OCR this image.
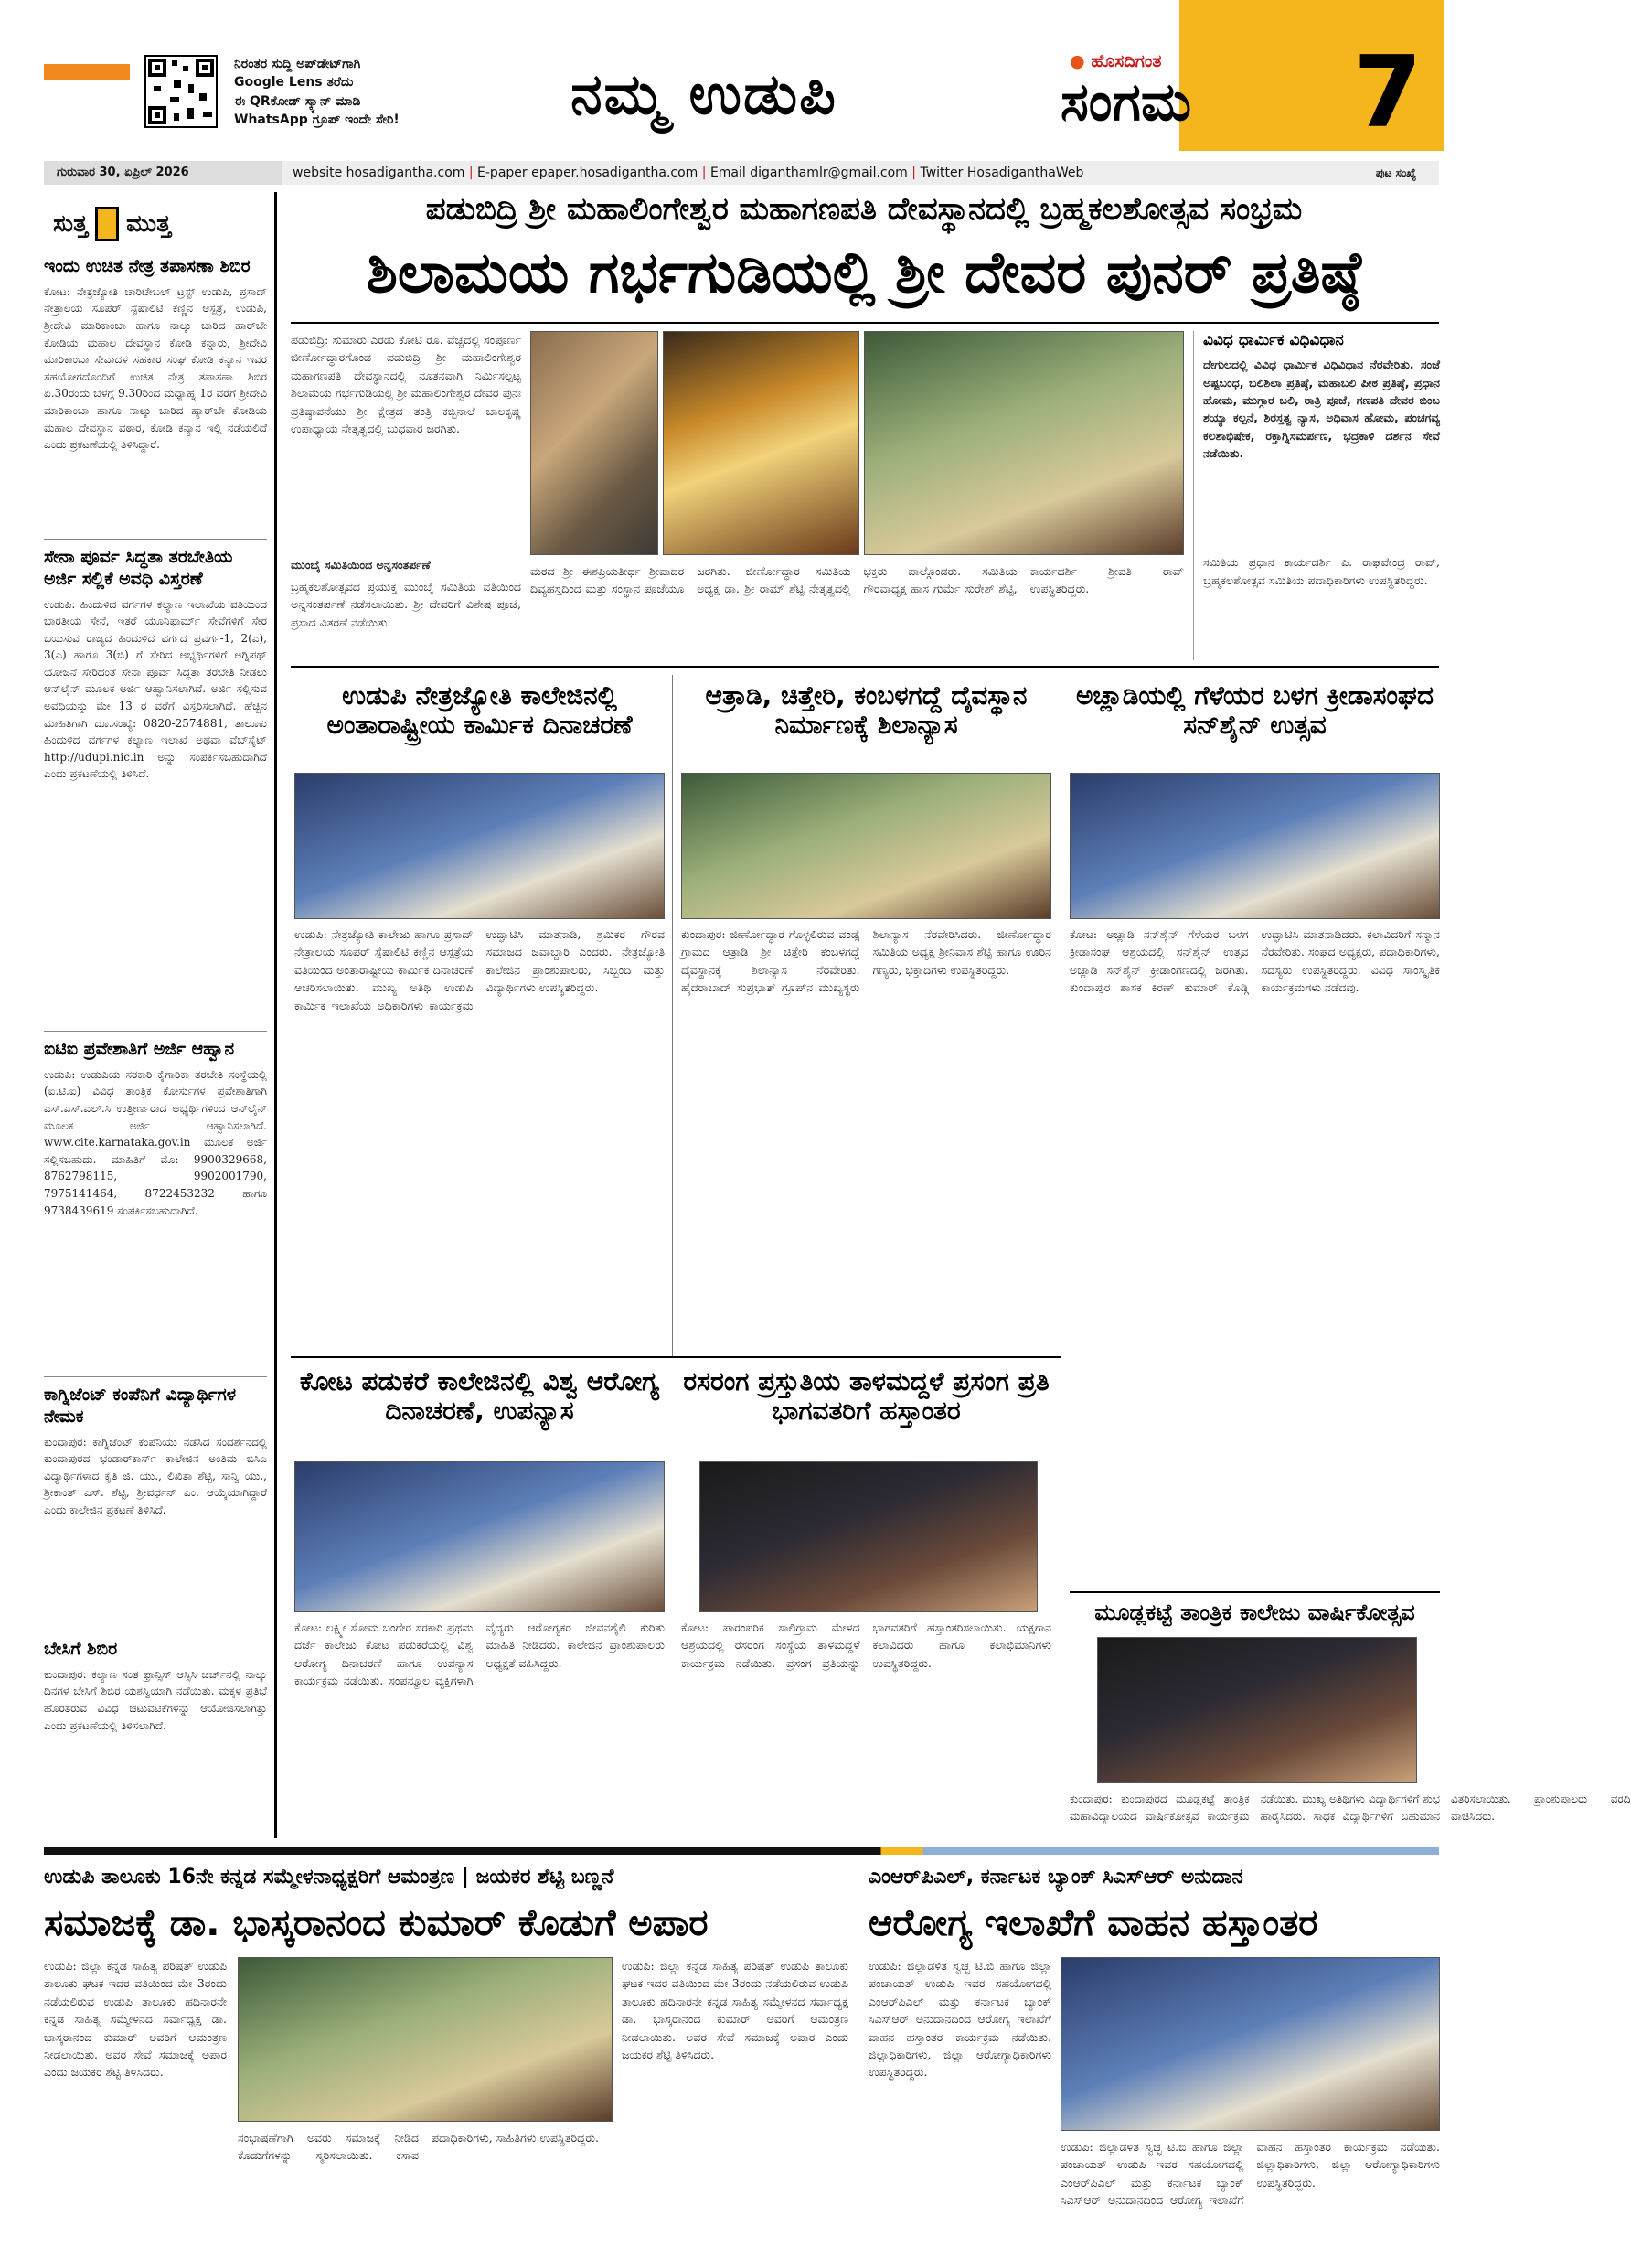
ನಿರಂತರ ಸುದ್ದಿ ಅಪ್‌ಡೇಟ್‌ಗಾಗಿ
Google Lens ತರೆದು
ಈ QRಕೋಡ್ ಸ್ಕ್ಯಾನ್ ಮಾಡಿ
WhatsApp ಗ್ರೂಪ್ ಇಂದೇ ಸೇರಿ!	ನಮ್ಮ ಉಡುಪಿ	● ಹೊಸದಿಗಂತ
ಸಂಗಮ	7
ಗುರುವಾರ 30, ಏಪ್ರಿಲ್ 2026	website hosadigantha.com | E-paper epaper.hosadigantha.com | Email diganthamlr@gmail.com | Twitter HosadiganthaWeb	ಪುಟ ಸಂಖ್ಯೆ
ಸುತ್ತ ಮುತ್ತ
ಇಂದು ಉಚಿತ ನೇತ್ರ ತಪಾಸಣಾ ಶಿಬಿರ
ಕೋಟ: ನೇತ್ರಜ್ಯೋತಿ ಚಾರಿಟೇಬಲ್ ಟ್ರಸ್ಟ್ ಉಡುಪಿ, ಪ್ರಸಾದ್ ನೇತ್ರಾಲಯ ಸೂಪರ್ ಸ್ಪೆಷಾಲಿಟಿ ಕಣ್ಣಿನ ಆಸ್ಪತ್ರೆ, ಉಡುಪಿ, ಶ್ರೀದೇವಿ ಮಾರಿಕಾಂಬಾ ಹಾಗೂ ನಾಲ್ಕು ಬಾರಿದ ಹಾರ್‌ಬೇ ಕೋಡಿಯ ಮಹಾಲ ದೇವಸ್ಥಾನ ಕೋಡಿ ಕನ್ನಾರು, ಶ್ರೀದೇವಿ ಮಾರಿಕಾಂಬಾ ಸೇವಾದಳ ಸಹಕಾರ ಸಂಘ ಕೋಡಿ ಕನ್ಯಾನ ಇವರ ಸಹಯೋಗದೊಂದಿಗೆ ಉಚಿತ ನೇತ್ರ ತಪಾಸಣಾ ಶಿಬಿರ ಏ.30ರಂದು ಬೆಳಗ್ಗೆ 9.30ರಿಂದ ಮಧ್ಯಾಹ್ನ 1ರ ವರೆಗೆ ಶ್ರೀದೇವಿ ಮಾರಿಕಾಂಬಾ ಹಾಗೂ ನಾಲ್ಕು ಬಾರಿದ ಹ್ಯಾರ್‌ಬೇ ಕೋಡಿಯ ಮಹಾಲ ದೇವಸ್ಥಾನ ವಠಾರ, ಕೋಡಿ ಕನ್ಯಾನ ಇಲ್ಲಿ ನಡೆಯಲಿದೆ ಎಂದು ಪ್ರಕಟಣೆಯಲ್ಲಿ ತಿಳಿಸಿದ್ದಾರೆ.
ಸೇನಾ ಪೂರ್ವ ಸಿದ್ಧತಾ ತರಬೇತಿಯ ಅರ್ಜಿ ಸಲ್ಲಿಕೆ ಅವಧಿ ವಿಸ್ತರಣೆ
ಉಡುಪಿ: ಹಿಂದುಳಿದ ವರ್ಗಗಳ ಕಲ್ಯಾಣ ಇಲಾಖೆಯ ವತಿಯಿಂದ ಭಾರತೀಯ ಸೇನೆ, ಇತರೆ ಯೂನಿಫಾರ್ಮ್ ಸೇವೆಗಳಿಗೆ ಸೇರ ಬಯಸುವ ರಾಜ್ಯದ ಹಿಂದುಳಿದ ವರ್ಗದ ಪ್ರವರ್ಗ-1, 2(ಎ), 3(ಎ) ಹಾಗೂ 3(ಬಿ) ಗೆ ಸೇರಿದ ಅಭ್ಯರ್ಥಿಗಳಿಗೆ ಅಗ್ನಿಪಥ್ ಯೋಜನೆ ಸೇರಿದಂತೆ ಸೇನಾ ಪೂರ್ವ ಸಿದ್ಧತಾ ತರಬೇತಿ ನೀಡಲು ಆನ್‌ಲೈನ್ ಮೂಲಕ ಅರ್ಜಿ ಆಹ್ವಾನಿಸಲಾಗಿದೆ. ಅರ್ಜಿ ಸಲ್ಲಿಸುವ ಅವಧಿಯನ್ನು ಮೇ 13 ರ ವರೆಗೆ ವಿಸ್ತರಿಸಲಾಗಿದೆ. ಹೆಚ್ಚಿನ ಮಾಹಿತಿಗಾಗಿ ದೂ.ಸಂಖ್ಯೆ: 0820-2574881, ತಾಲೂಕು ಹಿಂದುಳಿದ ವರ್ಗಗಳ ಕಲ್ಯಾಣ ಇಲಾಖೆ ಅಥವಾ ವೆಬ್‌ಸೈಟ್ http://udupi.nic.in ಅನ್ನು ಸಂಪರ್ಕಿಸಬಹುದಾಗಿದೆ ಎಂದು ಪ್ರಕಟಣೆಯಲ್ಲಿ ತಿಳಿಸಿದೆ.
ಐಟಿಐ ಪ್ರವೇಶಾತಿಗೆ ಅರ್ಜಿ ಆಹ್ವಾನ
ಉಡುಪಿ: ಉಡುಪಿಯ ಸರಕಾರಿ ಕೈಗಾರಿಕಾ ತರಬೇತಿ ಸಂಸ್ಥೆಯಲ್ಲಿ (ಐ.ಟಿ.ಐ) ವಿವಿಧ ತಾಂತ್ರಿಕ ಕೋರ್ಸುಗಳ ಪ್ರವೇಶಾತಿಗಾಗಿ ಎಸ್.ಎಸ್.ಎಲ್.ಸಿ ಉತ್ತೀರ್ಣರಾದ ಅಭ್ಯರ್ಥಿಗಳಿಂದ ಆನ್‌ಲೈನ್ ಮೂಲಕ ಅರ್ಜಿ ಆಹ್ವಾನಿಸಲಾಗಿದೆ. www.cite.karnataka.gov.in ಮೂಲಕ ಅರ್ಜಿ ಸಲ್ಲಿಸಬಹುದು. ಮಾಹಿತಿಗೆ ಮೊ: 9900329668, 8762798115, 9902001790, 7975141464, 8722453232 ಹಾಗೂ 9738439619 ಸಂಪರ್ಕಿಸಬಹುದಾಗಿದೆ.
ಕಾಗ್ನಿಜೆಂಟ್ ಕಂಪೆನಿಗೆ ವಿದ್ಯಾರ್ಥಿಗಳ ನೇಮಕ
ಕುಂದಾಪುರ: ಕಾಗ್ನಿಜೆಂಟ್ ಕಂಪೆನಿಯು ನಡೆಸಿದ ಸಂದರ್ಶನದಲ್ಲಿ ಕುಂದಾಪುರದ ಭಂಡಾರ್‌ಕಾರ್ಸ್ ಕಾಲೇಜಿನ ಅಂತಿಮ ಬಿಸಿಎ ವಿದ್ಯಾರ್ಥಿಗಳಾದ ಕೃತಿ ಜಿ. ಯು., ಲಿಖಿತಾ ಶೆಟ್ಟಿ, ಸಾನ್ವಿ ಯು., ಶ್ರೀಕಾಂತ್ ಎಸ್. ಶೆಟ್ಟಿ, ಶ್ರೀವರ್ಧನ್ ಎಂ. ಆಯ್ಕೆಯಾಗಿದ್ದಾರೆ ಎಂದು ಕಾಲೇಜಿನ ಪ್ರಕಟಣೆ ತಿಳಿಸಿದೆ.
ಬೇಸಿಗೆ ಶಿಬಿರ
ಕುಂದಾಪುರ: ಕಲ್ಯಾಣ ಸಂತ ಫ್ರಾನ್ಸಿಸ್ ಆಸ್ಸಿಸಿ ಚರ್ಚ್‌ನಲ್ಲಿ ನಾಲ್ಕು ದಿನಗಳ ಬೇಸಿಗೆ ಶಿಬಿರ ಯಶಸ್ವಿಯಾಗಿ ನಡೆಯಿತು. ಮಕ್ಕಳ ಪ್ರತಿಭೆ ಹೊರತರುವ ವಿವಿಧ ಚಟುವಟಿಕೆಗಳನ್ನು ಆಯೋಜಿಸಲಾಗಿತ್ತು ಎಂದು ಪ್ರಕಟಣೆಯಲ್ಲಿ ತಿಳಿಸಲಾಗಿದೆ.
ಪಡುಬಿದ್ರಿ ಶ್ರೀ ಮಹಾಲಿಂಗೇಶ್ವರ ಮಹಾಗಣಪತಿ ದೇವಸ್ಥಾನದಲ್ಲಿ ಬ್ರಹ್ಮಕಲಶೋತ್ಸವ ಸಂಭ್ರಮ
ಶಿಲಾಮಯ ಗರ್ಭಗುಡಿಯಲ್ಲಿ ಶ್ರೀ ದೇವರ ಪುನರ್ ಪ್ರತಿಷ್ಠೆ
ಪಡುಬಿದ್ರಿ: ಸುಮಾರು ಎರಡು ಕೋಟಿ ರೂ. ವೆಚ್ಚದಲ್ಲಿ ಸಂಪೂರ್ಣ ಜೀರ್ಣೋದ್ಧಾರಗೊಂಡ ಪಡುಬಿದ್ರಿ ಶ್ರೀ ಮಹಾಲಿಂಗೇಶ್ವರ ಮಹಾಗಣಪತಿ ದೇವಸ್ಥಾನದಲ್ಲಿ ನೂತನವಾಗಿ ನಿರ್ಮಿಸಲ್ಪಟ್ಟ ಶಿಲಾಮಯ ಗರ್ಭಗುಡಿಯಲ್ಲಿ ಶ್ರೀ ಮಹಾಲಿಂಗೇಶ್ವರ ದೇವರ ಪುನಃ ಪ್ರತಿಷ್ಠಾಪನೆಯು ಶ್ರೀ ಕ್ಷೇತ್ರದ ತಂತ್ರಿ ಕಬ್ಬಿನಾಲೆ ಬಾಲಕೃಷ್ಣ ಉಪಾಧ್ಯಾಯ ನೇತೃತ್ವದಲ್ಲಿ ಬುಧವಾರ ಜರಗಿತು.
ಮುಂಬೈ ಸಮಿತಿಯಿಂದ ಅನ್ನಸಂತರ್ಪಣೆ
ಬ್ರಹ್ಮಕಲಶೋತ್ಸವದ ಪ್ರಯುಕ್ತ ಮುಂಬೈ ಸಮಿತಿಯ ವತಿಯಿಂದ ಅನ್ನಸಂತರ್ಪಣೆ ನಡೆಸಲಾಯಿತು. ಶ್ರೀ ದೇವರಿಗೆ ವಿಶೇಷ ಪೂಜೆ, ಪ್ರಸಾದ ವಿತರಣೆ ನಡೆಯಿತು.
ಮಠದ ಶ್ರೀ ಈಶಪ್ರಿಯತೀರ್ಥ ಶ್ರೀಪಾದರ ದಿವ್ಯಹಸ್ತದಿಂದ ಮತ್ತು ಸಂಸ್ಥಾನ ಪೂಜೆಯೂ ಜರಗಿತು. ಜೀರ್ಣೋದ್ಧಾರ ಸಮಿತಿಯ ಅಧ್ಯಕ್ಷ ಡಾ. ಶ್ರೀ ರಾಮ್ ಶೆಟ್ಟಿ ನೇತೃತ್ವದಲ್ಲಿ ಭಕ್ತರು ಪಾಲ್ಗೊಂಡರು. ಸಮಿತಿಯ ಗೌರವಾಧ್ಯಕ್ಷ ಹಾಸ ಗುರ್ಮೆ ಸುರೇಶ್ ಶೆಟ್ಟಿ, ಕಾರ್ಯದರ್ಶಿ ಶ್ರೀಪತಿ ರಾವ್ ಉಪಸ್ಥಿತರಿದ್ದರು.
ವಿವಿಧ ಧಾರ್ಮಿಕ ವಿಧಿವಿಧಾನ
ದೇಗುಲದಲ್ಲಿ ವಿವಿಧ ಧಾರ್ಮಿಕ ವಿಧಿವಿಧಾನ ನೆರವೇರಿತು. ಸಂಜೆ ಅಷ್ಟಬಂಧ, ಬಲಿಶಿಲಾ ಪ್ರತಿಷ್ಠೆ, ಮಹಾಬಲಿ ಪೀಠ ಪ್ರತಿಷ್ಠೆ, ಪ್ರಧಾನ ಹೋಮ, ಮುಗ್ಗಾರ ಬಲಿ, ರಾತ್ರಿ ಪೂಜೆ, ಗಣಪತಿ ದೇವರ ಬಿಂಬ ಶಯ್ಯಾ ಕಲ್ಪನೆ, ಶಿರಸ್ತತ್ವ ನ್ಯಾಸ, ಅಧಿವಾಸ ಹೋಮ, ಪಂಚಗವ್ಯ ಕಲಶಾಭಿಷೇಕ, ರಕ್ತಾಗ್ನಿಸಮರ್ಪಣ, ಭದ್ರಕಾಳಿ ದರ್ಶನ ಸೇವೆ ನಡೆಯಿತು.
ಸಮಿತಿಯ ಪ್ರಧಾನ ಕಾರ್ಯದರ್ಶಿ ಪಿ. ರಾಘವೇಂದ್ರ ರಾವ್, ಬ್ರಹ್ಮಕಲಶೋತ್ಸವ ಸಮಿತಿಯ ಪದಾಧಿಕಾರಿಗಳು ಉಪಸ್ಥಿತರಿದ್ದರು.
ಉಡುಪಿ ನೇತ್ರಜ್ಯೋತಿ ಕಾಲೇಜಿನಲ್ಲಿ ಅಂತಾರಾಷ್ಟ್ರೀಯ ಕಾರ್ಮಿಕ ದಿನಾಚರಣೆ
ಉಡುಪಿ: ನೇತ್ರಜ್ಯೋತಿ ಕಾಲೇಜು ಹಾಗೂ ಪ್ರಸಾದ್ ನೇತ್ರಾಲಯ ಸೂಪರ್ ಸ್ಪೆಷಾಲಿಟಿ ಕಣ್ಣಿನ ಆಸ್ಪತ್ರೆಯ ವತಿಯಿಂದ ಅಂತಾರಾಷ್ಟ್ರೀಯ ಕಾರ್ಮಿಕ ದಿನಾಚರಣೆ ಆಚರಿಸಲಾಯಿತು. ಮುಖ್ಯ ಅತಿಥಿ ಉಡುಪಿ ಕಾರ್ಮಿಕ ಇಲಾಖೆಯ ಅಧಿಕಾರಿಗಳು ಕಾರ್ಯಕ್ರಮ ಉದ್ಘಾಟಿಸಿ ಮಾತನಾಡಿ, ಶ್ರಮಿಕರ ಗೌರವ ಸಮಾಜದ ಜವಾಬ್ದಾರಿ ಎಂದರು. ನೇತ್ರಜ್ಯೋತಿ ಕಾಲೇಜಿನ ಪ್ರಾಂಶುಪಾಲರು, ಸಿಬ್ಬಂದಿ ಮತ್ತು ವಿದ್ಯಾರ್ಥಿಗಳು ಉಪಸ್ಥಿತರಿದ್ದರು.
ಆತ್ರಾಡಿ, ಚಿತ್ತೇರಿ, ಕಂಬಳಗದ್ದೆ ದೈವಸ್ಥಾನ ನಿರ್ಮಾಣಕ್ಕೆ ಶಿಲಾನ್ಯಾಸ
ಕುಂದಾಪುರ: ಜೀರ್ಣೋದ್ಧಾರ ಗೊಳ್ಳಲಿರುವ ವಂಡ್ಸೆ ಗ್ರಾಮದ ಆತ್ರಾಡಿ ಶ್ರೀ ಚಿತ್ತೇರಿ ಕಂಬಳಗದ್ದೆ ದೈವಸ್ಥಾನಕ್ಕೆ ಶಿಲಾನ್ಯಾಸ ನೆರವೇರಿತು. ಹೈದರಾಬಾದ್ ಸುಪ್ರಭಾತ್ ಗ್ರೂಪ್‌ನ ಮುಖ್ಯಸ್ಥರು ಶಿಲಾನ್ಯಾಸ ನೆರವೇರಿಸಿದರು. ಜೀರ್ಣೋದ್ಧಾರ ಸಮಿತಿಯ ಅಧ್ಯಕ್ಷ ಶ್ರೀನಿವಾಸ ಶೆಟ್ಟಿ ಹಾಗೂ ಊರಿನ ಗಣ್ಯರು, ಭಕ್ತಾದಿಗಳು ಉಪಸ್ಥಿತರಿದ್ದರು.
ಅಚ್ಲಾಡಿಯಲ್ಲಿ ಗೆಳೆಯರ ಬಳಗ ಕ್ರೀಡಾಸಂಘದ ಸನ್‌ಶೈನ್ ಉತ್ಸವ
ಕೋಟ: ಅಚ್ಲಾಡಿ ಸನ್‌ಶೈನ್ ಗೆಳೆಯರ ಬಳಗ ಕ್ರೀಡಾಸಂಘ ಆಶ್ರಯದಲ್ಲಿ ಸನ್‌ಶೈನ್ ಉತ್ಸವ ಅಚ್ಲಾಡಿ ಸನ್‌ಶೈನ್ ಕ್ರೀಡಾಂಗಣದಲ್ಲಿ ಜರಗಿತು. ಕುಂದಾಪುರ ಶಾಸಕ ಕಿರಣ್ ಕುಮಾರ್ ಕೊಡ್ಗಿ ಉದ್ಘಾಟಿಸಿ ಮಾತನಾಡಿದರು. ಕಲಾವಿದರಿಗೆ ಸನ್ಮಾನ ನೆರವೇರಿತು. ಸಂಘದ ಅಧ್ಯಕ್ಷರು, ಪದಾಧಿಕಾರಿಗಳು, ಸದಸ್ಯರು ಉಪಸ್ಥಿತರಿದ್ದರು. ವಿವಿಧ ಸಾಂಸ್ಕೃತಿಕ ಕಾರ್ಯಕ್ರಮಗಳು ನಡೆದವು.
ಕೋಟ ಪಡುಕರೆ ಕಾಲೇಜಿನಲ್ಲಿ ವಿಶ್ವ ಆರೋಗ್ಯ ದಿನಾಚರಣೆ, ಉಪನ್ಯಾಸ
ಕೋಟ: ಲಕ್ಷ್ಮೀ ಸೋಮ ಬಂಗೇರ ಸರಕಾರಿ ಪ್ರಥಮ ದರ್ಜೆ ಕಾಲೇಜು ಕೋಟ ಪಡುಕರೆಯಲ್ಲಿ ವಿಶ್ವ ಆರೋಗ್ಯ ದಿನಾಚರಣೆ ಹಾಗೂ ಉಪನ್ಯಾಸ ಕಾರ್ಯಕ್ರಮ ನಡೆಯಿತು. ಸಂಪನ್ಮೂಲ ವ್ಯಕ್ತಿಗಳಾಗಿ ವೈದ್ಯರು ಆರೋಗ್ಯಕರ ಜೀವನಶೈಲಿ ಕುರಿತು ಮಾಹಿತಿ ನೀಡಿದರು. ಕಾಲೇಜಿನ ಪ್ರಾಂಶುಪಾಲರು ಅಧ್ಯಕ್ಷತೆ ವಹಿಸಿದ್ದರು.
ರಸರಂಗ ಪ್ರಸ್ತುತಿಯ ತಾಳಮದ್ದಳೆ ಪ್ರಸಂಗ ಪ್ರತಿ ಭಾಗವತರಿಗೆ ಹಸ್ತಾಂತರ
ಕೋಟ: ಪಾರಂಪರಿಕ ಸಾಲಿಗ್ರಾಮ ಮೇಳದ ಆಶ್ರಯದಲ್ಲಿ ರಸರಂಗ ಸಂಸ್ಥೆಯ ತಾಳಮದ್ದಳೆ ಕಾರ್ಯಕ್ರಮ ನಡೆಯಿತು. ಪ್ರಸಂಗ ಪ್ರತಿಯನ್ನು ಭಾಗವತರಿಗೆ ಹಸ್ತಾಂತರಿಸಲಾಯಿತು. ಯಕ್ಷಗಾನ ಕಲಾವಿದರು ಹಾಗೂ ಕಲಾಭಿಮಾನಿಗಳು ಉಪಸ್ಥಿತರಿದ್ದರು.
ಮೂಡ್ಲಕಟ್ಟೆ ತಾಂತ್ರಿಕ ಕಾಲೇಜು ವಾರ್ಷಿಕೋತ್ಸವ
ಕುಂದಾಪುರ: ಕುಂದಾಪುರದ ಮೂಡ್ಲಕಟ್ಟೆ ತಾಂತ್ರಿಕ ಮಹಾವಿದ್ಯಾಲಯದ ವಾರ್ಷಿಕೋತ್ಸವ ಕಾರ್ಯಕ್ರಮ ನಡೆಯಿತು. ಮುಖ್ಯ ಅತಿಥಿಗಳು ವಿದ್ಯಾರ್ಥಿಗಳಿಗೆ ಶುಭ ಹಾರೈಸಿದರು. ಸಾಧಕ ವಿದ್ಯಾರ್ಥಿಗಳಿಗೆ ಬಹುಮಾನ ವಿತರಿಸಲಾಯಿತು. ಪ್ರಾಂಶುಪಾಲರು ವರದಿ ವಾಚಿಸಿದರು.
ಉಡುಪಿ ತಾಲೂಕು 16ನೇ ಕನ್ನಡ ಸಮ್ಮೇಳನಾಧ್ಯಕ್ಷರಿಗೆ ಆಮಂತ್ರಣ | ಜಯಕರ ಶೆಟ್ಟಿ ಬಣ್ಣನೆ
ಸಮಾಜಕ್ಕೆ ಡಾ. ಭಾಸ್ಕರಾನಂದ ಕುಮಾರ್ ಕೊಡುಗೆ ಅಪಾರ
ಉಡುಪಿ: ಜಿಲ್ಲಾ ಕನ್ನಡ ಸಾಹಿತ್ಯ ಪರಿಷತ್ ಉಡುಪಿ ತಾಲೂಕು ಘಟಕ ಇದರ ವತಿಯಿಂದ ಮೇ 3ರಂದು ನಡೆಯಲಿರುವ ಉಡುಪಿ ತಾಲೂಕು ಹದಿನಾರನೇ ಕನ್ನಡ ಸಾಹಿತ್ಯ ಸಮ್ಮೇಳನದ ಸರ್ವಾಧ್ಯಕ್ಷ ಡಾ. ಭಾಸ್ಕರಾನಂದ ಕುಮಾರ್ ಅವರಿಗೆ ಆಮಂತ್ರಣ ನೀಡಲಾಯಿತು. ಅವರ ಸೇವೆ ಸಮಾಜಕ್ಕೆ ಅಪಾರ ಎಂದು ಜಯಕರ ಶೆಟ್ಟಿ ತಿಳಿಸಿದರು.
ಸಂಭಾಷಣೆಗಾಗಿ ಅವರು ಸಮಾಜಕ್ಕೆ ನೀಡಿದ ಕೊಡುಗೆಗಳನ್ನು ಸ್ಮರಿಸಲಾಯಿತು. ಕಸಾಪ ಪದಾಧಿಕಾರಿಗಳು, ಸಾಹಿತಿಗಳು ಉಪಸ್ಥಿತರಿದ್ದರು.
ಉಡುಪಿ: ಜಿಲ್ಲಾ ಕನ್ನಡ ಸಾಹಿತ್ಯ ಪರಿಷತ್ ಉಡುಪಿ ತಾಲೂಕು ಘಟಕ ಇದರ ವತಿಯಿಂದ ಮೇ 3ರಂದು ನಡೆಯಲಿರುವ ಉಡುಪಿ ತಾಲೂಕು ಹದಿನಾರನೇ ಕನ್ನಡ ಸಾಹಿತ್ಯ ಸಮ್ಮೇಳನದ ಸರ್ವಾಧ್ಯಕ್ಷ ಡಾ. ಭಾಸ್ಕರಾನಂದ ಕುಮಾರ್ ಅವರಿಗೆ ಆಮಂತ್ರಣ ನೀಡಲಾಯಿತು. ಅವರ ಸೇವೆ ಸಮಾಜಕ್ಕೆ ಅಪಾರ ಎಂದು ಜಯಕರ ಶೆಟ್ಟಿ ತಿಳಿಸಿದರು.
ಎಂಆರ್‌ಪಿಎಲ್, ಕರ್ನಾಟಕ ಬ್ಯಾಂಕ್ ಸಿಎಸ್‌ಆರ್ ಅನುದಾನ
ಆರೋಗ್ಯ ಇಲಾಖೆಗೆ ವಾಹನ ಹಸ್ತಾಂತರ
ಉಡುಪಿ: ಜಿಲ್ಲಾಡಳಿತ ಸ್ವಚ್ಛ ಟಿ.ಬಿ ಹಾಗೂ ಜಿಲ್ಲಾ ಪಂಚಾಯತ್ ಉಡುಪಿ ಇವರ ಸಹಯೋಗದಲ್ಲಿ ಎಂಆರ್‌ಪಿಎಲ್ ಮತ್ತು ಕರ್ನಾಟಕ ಬ್ಯಾಂಕ್ ಸಿಎಸ್‌ಆರ್ ಅನುದಾನದಿಂದ ಆರೋಗ್ಯ ಇಲಾಖೆಗೆ ವಾಹನ ಹಸ್ತಾಂತರ ಕಾರ್ಯಕ್ರಮ ನಡೆಯಿತು. ಜಿಲ್ಲಾಧಿಕಾರಿಗಳು, ಜಿಲ್ಲಾ ಆರೋಗ್ಯಾಧಿಕಾರಿಗಳು ಉಪಸ್ಥಿತರಿದ್ದರು.
ಉಡುಪಿ: ಜಿಲ್ಲಾಡಳಿತ ಸ್ವಚ್ಛ ಟಿ.ಬಿ ಹಾಗೂ ಜಿಲ್ಲಾ ಪಂಚಾಯತ್ ಉಡುಪಿ ಇವರ ಸಹಯೋಗದಲ್ಲಿ ಎಂಆರ್‌ಪಿಎಲ್ ಮತ್ತು ಕರ್ನಾಟಕ ಬ್ಯಾಂಕ್ ಸಿಎಸ್‌ಆರ್ ಅನುದಾನದಿಂದ ಆರೋಗ್ಯ ಇಲಾಖೆಗೆ ವಾಹನ ಹಸ್ತಾಂತರ ಕಾರ್ಯಕ್ರಮ ನಡೆಯಿತು. ಜಿಲ್ಲಾಧಿಕಾರಿಗಳು, ಜಿಲ್ಲಾ ಆರೋಗ್ಯಾಧಿಕಾರಿಗಳು ಉಪಸ್ಥಿತರಿದ್ದರು.
